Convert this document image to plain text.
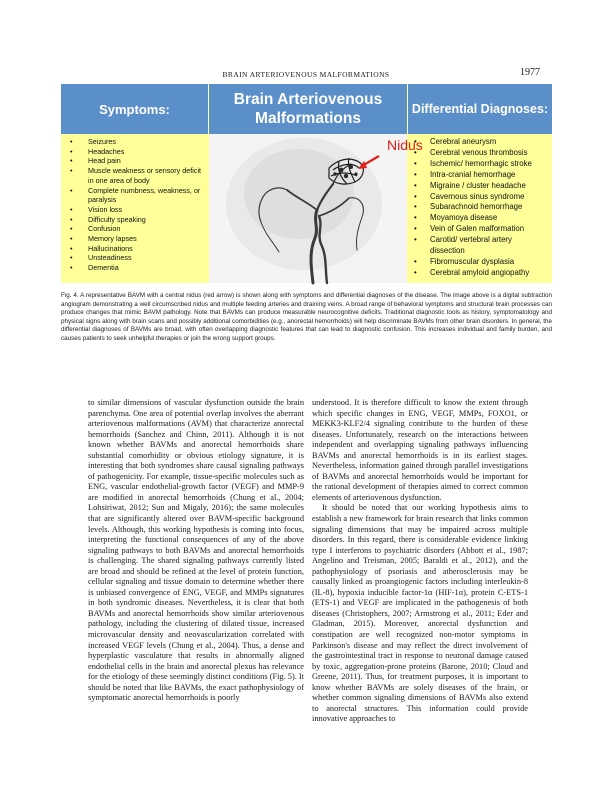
BRAIN ARTERIOVENOUS MALFORMATIONS	1977
Symptoms:
Brain Arteriovenous Malformations
Differential Diagnoses:
• Seizures
• Headaches
• Head pain
• Muscle weakness or sensory deficit in one area of body
• Complete numbness, weakness, or paralysis
• Vision loss
• Difficulty speaking
• Confusion
• Memory lapses
• Hallucinations
• Unsteadiness
• Dementia
Nidus
• Cerebral aneurysm
• Cerebral venous thrombosis
• Ischemic/ hemorrhagic stroke
• Intra-cranial hemorrhage
• Migraine / cluster headache
• Cavernous sinus syndrome
• Subarachnoid hemorrhage
• Moyamoya disease
• Vein of Galen malformation
• Carotid/ vertebral artery dissection
• Fibromuscular dysplasia
• Cerebral amyloid angiopathy
Fig. 4. A representative BAVM with a central nidus (red arrow) is shown along with symptoms and differential diagnoses of the disease. The image above is a digital subtraction angiogram demonstrating a well circumscribed nidus and multiple feeding arteries and draining veins. A broad range of behavioral symptoms and structural brain processes can produce changes that mimic BAVM pathology. Note that BAVMs can produce measurable neurocognitive deficits. Traditional diagnostic tools as history, symptomatology and physical signs along with brain scans and possibly additional comorbidities (e.g., anorectal hemorrhoids) will help discriminate BAVMs from other brain disorders. In general, the differential diagnoses of BAVMs are broad, with often overlapping diagnostic features that can lead to diagnostic confusion. This increases individual and family burden, and causes patients to seek unhelpful therapies or join the wrong support groups.

to similar dimensions of vascular dysfunction outside the brain parenchyma. One area of potential overlap involves the aberrant arteriovenous malformations (AVM) that characterize anorectal hemorrhoids (Sanchez and Chinn, 2011). Although it is not known whether BAVMs and anorectal hemorrhoids share substantial comorbidity or obvious etiology signature, it is interesting that both syndromes share causal signaling pathways of pathogenicity. For example, tissue-specific molecules such as ENG, vascular endothelial-growth factor (VEGF) and MMP-9 are modified in anorectal hemorrhoids (Chung et al., 2004; Lohsiriwat, 2012; Sun and Migaly, 2016); the same molecules that are significantly altered over BAVM-specific background levels. Although, this working hypothesis is coming into focus, interpreting the functional consequences of any of the above signaling pathways to both BAVMs and anorectal hemorrhoids is challenging. The shared signaling pathways currently listed are broad and should be refined at the level of protein function, cellular signaling and tissue domain to determine whether there is unbiased convergence of ENG, VEGF, and MMPs signatures in both syndromic diseases. Nevertheless, it is clear that both BAVMs and anorectal hemorrhoids show similar arteriovenous pathology, including the clustering of dilated tissue, increased microvascular density and neovascularization correlated with increased VEGF levels (Chung et al., 2004). Thus, a dense and hyperplastic vasculature that results in abnormally aligned endothelial cells in the brain and anorectal plexus has relevance for the etiology of these seemingly distinct conditions (Fig. 5). It should be noted that like BAVMs, the exact pathophysiology of symptomatic anorectal hemorrhoids is poorly

understood. It is therefore difficult to know the extent through which specific changes in ENG, VEGF, MMPs, FOXO1, or MEKK3-KLF2/4 signaling contribute to the burden of these diseases. Unfortunately, research on the interactions between independent and overlapping signaling pathways influencing BAVMs and anorectal hemorrhoids is in its earliest stages. Nevertheless, information gained through parallel investigations of BAVMs and anorectal hemorrhoids would be important for the rational development of therapies aimed to correct common elements of arteriovenous dysfunction.

It should be noted that our working hypothesis aims to establish a new framework for brain research that links common signaling dimensions that may be impaired across multiple disorders. In this regard, there is considerable evidence linking type I interferons to psychiatric disorders (Abbott et al., 1987; Angelino and Treisman, 2005; Baraldi et al., 2012), and the pathophysiology of psoriasis and atherosclerosis may be causally linked as proangiogenic factors including interleukin-8 (IL-8), hypoxia inducible factor-1α (HIF-1α), protein C-ETS-1 (ETS-1) and VEGF are implicated in the pathogenesis of both diseases (Christophers, 2007; Armstrong et al., 2011; Eder and Gladman, 2015). Moreover, anorectal dysfunction and constipation are well recognized non-motor symptoms in Parkinson's disease and may reflect the direct involvement of the gastrointestinal tract in response to neuronal damage caused by toxic, aggregation-prone proteins (Barone, 2010; Cloud and Greene, 2011). Thus, for treatment purposes, it is important to know whether BAVMs are solely diseases of the brain, or whether common signaling dimensions of BAVMs also extend to anorectal structures. This information could provide innovative approaches to
